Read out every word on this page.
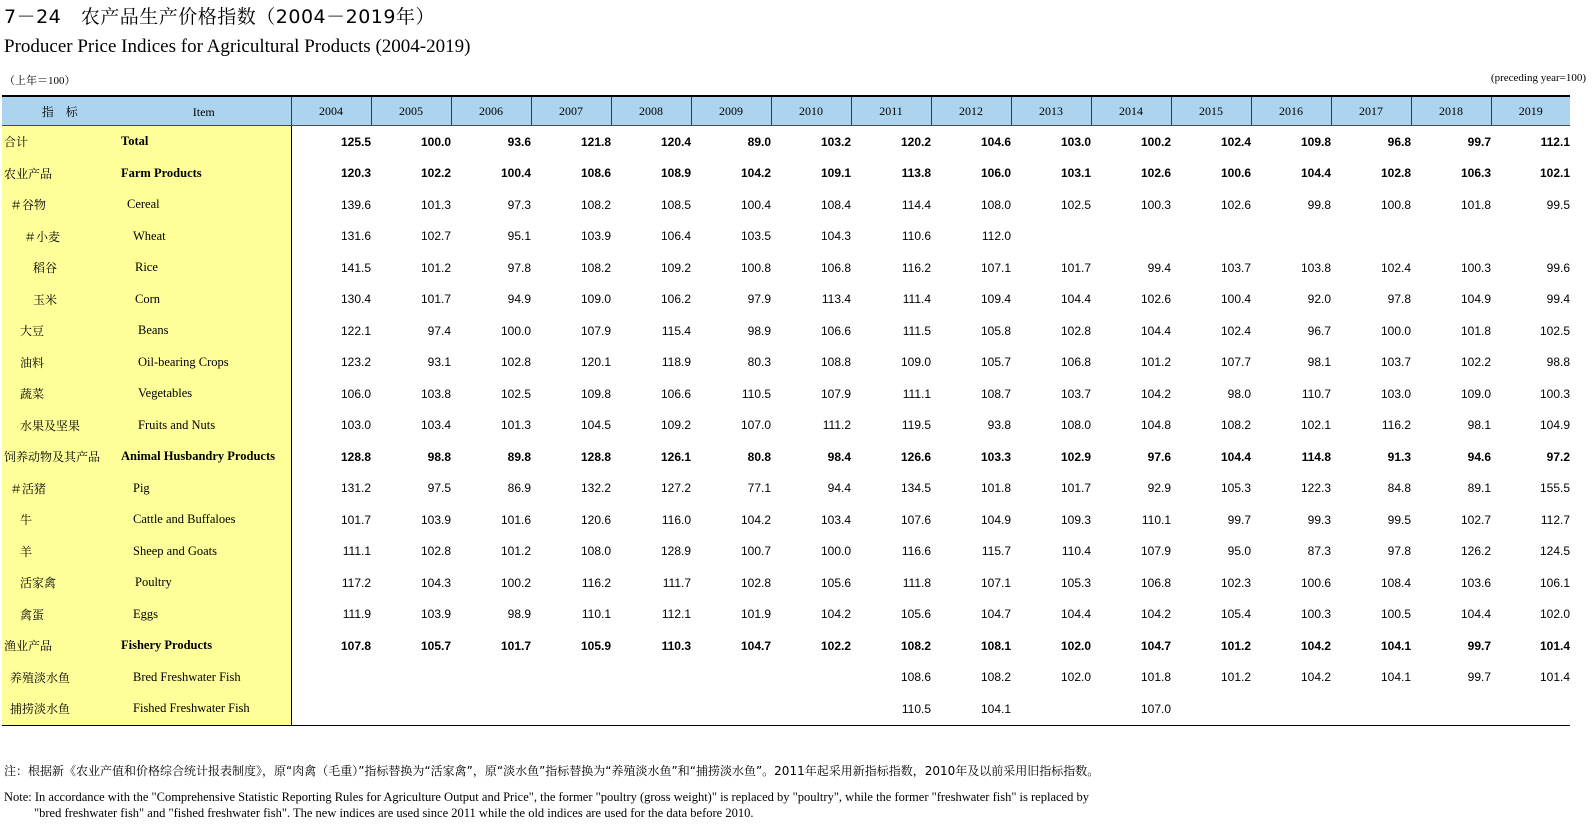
7－24　农产品生产价格指数（2004－2019年）
Producer Price Indices for Agricultural Products (2004-2019)
（上年＝100）	(preceding year=100)
指　标 Item		2004	2005	2006	2007	2008	2009	2010	2011	2012	2013	2014	2015	2016	2017	2018	2019
合计	Total	125.5	100.0	93.6	121.8	120.4	89.0	103.2	120.2	104.6	103.0	100.2	102.4	109.8	96.8	99.7	112.1
农业产品	Farm Products	120.3	102.2	100.4	108.6	108.9	104.2	109.1	113.8	106.0	103.1	102.6	100.6	104.4	102.8	106.3	102.1
＃谷物	Cereal	139.6	101.3	97.3	108.2	108.5	100.4	108.4	114.4	108.0	102.5	100.3	102.6	99.8	100.8	101.8	99.5
＃小麦	Wheat	131.6	102.7	95.1	103.9	106.4	103.5	104.3	110.6	112.0							
稻谷	Rice	141.5	101.2	97.8	108.2	109.2	100.8	106.8	116.2	107.1	101.7	99.4	103.7	103.8	102.4	100.3	99.6
玉米	Corn	130.4	101.7	94.9	109.0	106.2	97.9	113.4	111.4	109.4	104.4	102.6	100.4	92.0	97.8	104.9	99.4
大豆	Beans	122.1	97.4	100.0	107.9	115.4	98.9	106.6	111.5	105.8	102.8	104.4	102.4	96.7	100.0	101.8	102.5
油料	Oil-bearing Crops	123.2	93.1	102.8	120.1	118.9	80.3	108.8	109.0	105.7	106.8	101.2	107.7	98.1	103.7	102.2	98.8
蔬菜	Vegetables	106.0	103.8	102.5	109.8	106.6	110.5	107.9	111.1	108.7	103.7	104.2	98.0	110.7	103.0	109.0	100.3
水果及坚果	Fruits and Nuts	103.0	103.4	101.3	104.5	109.2	107.0	111.2	119.5	93.8	108.0	104.8	108.2	102.1	116.2	98.1	104.9
饲养动物及其产品	Animal Husbandry Products	128.8	98.8	89.8	128.8	126.1	80.8	98.4	126.6	103.3	102.9	97.6	104.4	114.8	91.3	94.6	97.2
＃活猪	Pig	131.2	97.5	86.9	132.2	127.2	77.1	94.4	134.5	101.8	101.7	92.9	105.3	122.3	84.8	89.1	155.5
牛	Cattle and Buffaloes	101.7	103.9	101.6	120.6	116.0	104.2	103.4	107.6	104.9	109.3	110.1	99.7	99.3	99.5	102.7	112.7
羊	Sheep and Goats	111.1	102.8	101.2	108.0	128.9	100.7	100.0	116.6	115.7	110.4	107.9	95.0	87.3	97.8	126.2	124.5
活家禽	Poultry	117.2	104.3	100.2	116.2	111.7	102.8	105.6	111.8	107.1	105.3	106.8	102.3	100.6	108.4	103.6	106.1
禽蛋	Eggs	111.9	103.9	98.9	110.1	112.1	101.9	104.2	105.6	104.7	104.4	104.2	105.4	100.3	100.5	104.4	102.0
渔业产品	Fishery Products	107.8	105.7	101.7	105.9	110.3	104.7	102.2	108.2	108.1	102.0	104.7	101.2	104.2	104.1	99.7	101.4
养殖淡水鱼	Bred Freshwater Fish								108.6	108.2	102.0	101.8	101.2	104.2	104.1	99.7	101.4
捕捞淡水鱼	Fished Freshwater Fish								110.5	104.1		107.0					
注：根据新《农业产值和价格综合统计报表制度》，原“肉禽（毛重）”指标替换为“活家禽”，原“淡水鱼”指标替换为“养殖淡水鱼”和“捕捞淡水鱼”。2011年起采用新指标指数，2010年及以前采用旧指标指数。
Note: In accordance with the "Comprehensive Statistic Reporting Rules for Agriculture Output and Price", the former "poultry (gross weight)" is replaced by "poultry", while the former "freshwater fish" is replaced by
"bred freshwater fish" and "fished freshwater fish". The new indices are used since 2011 while the old indices are used for the data before 2010.
